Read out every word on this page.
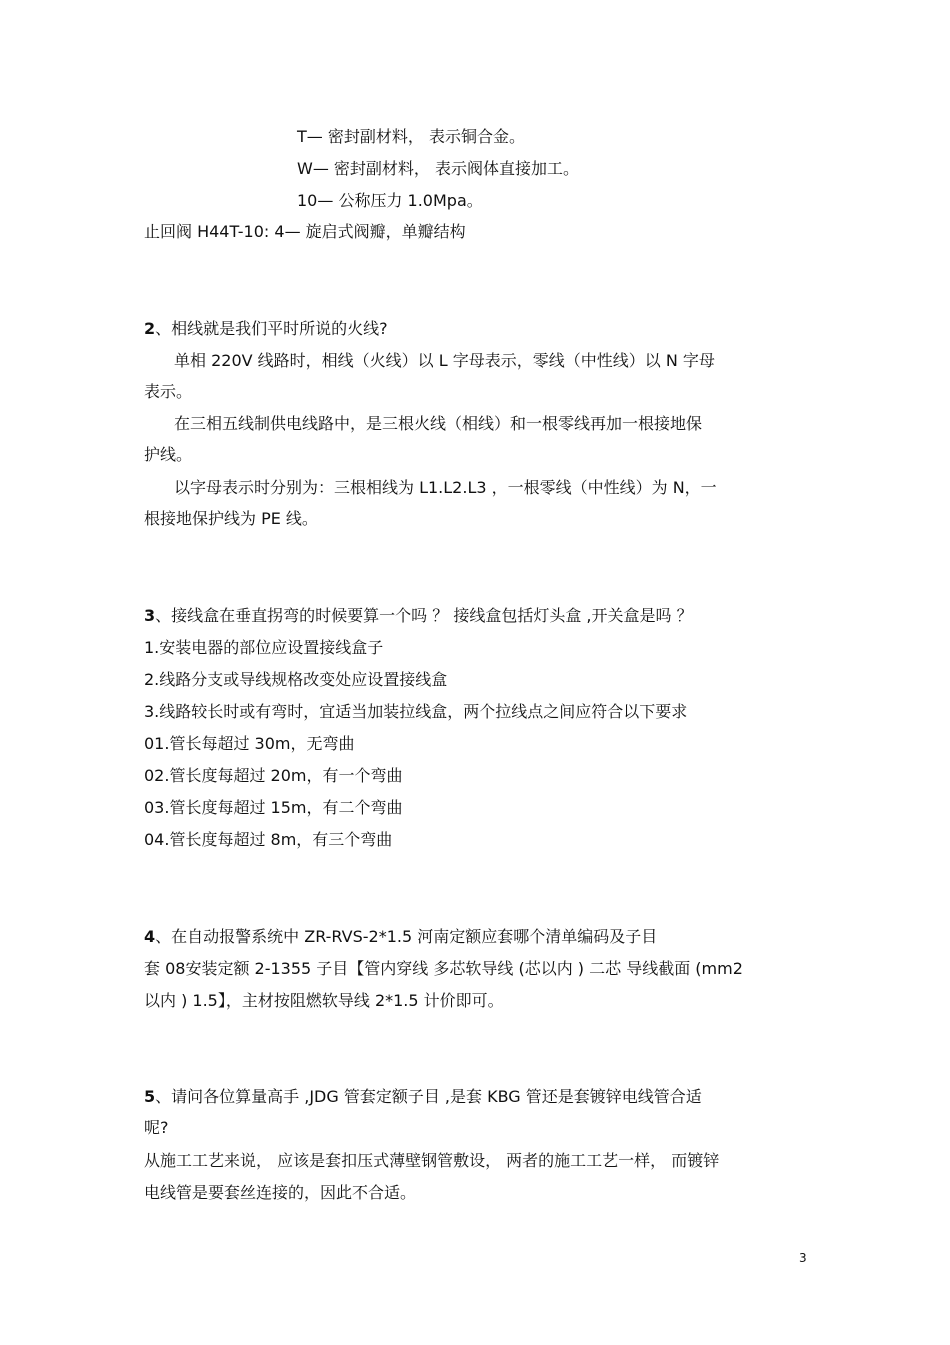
T— 密封副材料， 表示铜合金。
W— 密封副材料， 表示阀体直接加工。
10— 公称压力 1.0Mpa。
止回阀 H44T-10: 4— 旋启式阀瓣，单瓣结构
2、相线就是我们平时所说的火线?
单相 220V 线路时，相线（火线）以 L 字母表示，零线（中性线）以 N 字母
表示。
在三相五线制供电线路中，是三根火线（相线）和一根零线再加一根接地保
护线。
以字母表示时分别为：三根相线为 L1.L2.L3 ，一根零线（中性线）为 N，一
根接地保护线为 PE 线。
3、接线盒在垂直拐弯的时候要算一个吗 ？ 接线盒包括灯头盒 ,开关盒是吗 ？
1.安装电器的部位应设置接线盒子
2.线路分支或导线规格改变处应设置接线盒
3.线路较长时或有弯时，宜适当加装拉线盒，两个拉线点之间应符合以下要求
01.管长每超过 30m，无弯曲
02.管长度每超过 20m，有一个弯曲
03.管长度每超过 15m，有二个弯曲
04.管长度每超过 8m，有三个弯曲
4、在自动报警系统中 ZR-RVS-2*1.5 河南定额应套哪个清单编码及子目
套 08安装定额 2-1355 子目【管内穿线 多芯软导线 (芯以内 ) 二芯 导线截面 (mm2
以内 ) 1.5】，主材按阻燃软导线 2*1.5 计价即可。
5、请问各位算量高手 ,JDG 管套定额子目 ,是套 KBG 管还是套镀锌电线管合适
呢?
从施工工艺来说， 应该是套扣压式薄壁钢管敷设， 两者的施工工艺一样， 而镀锌
电线管是要套丝连接的，因此不合适。
3
